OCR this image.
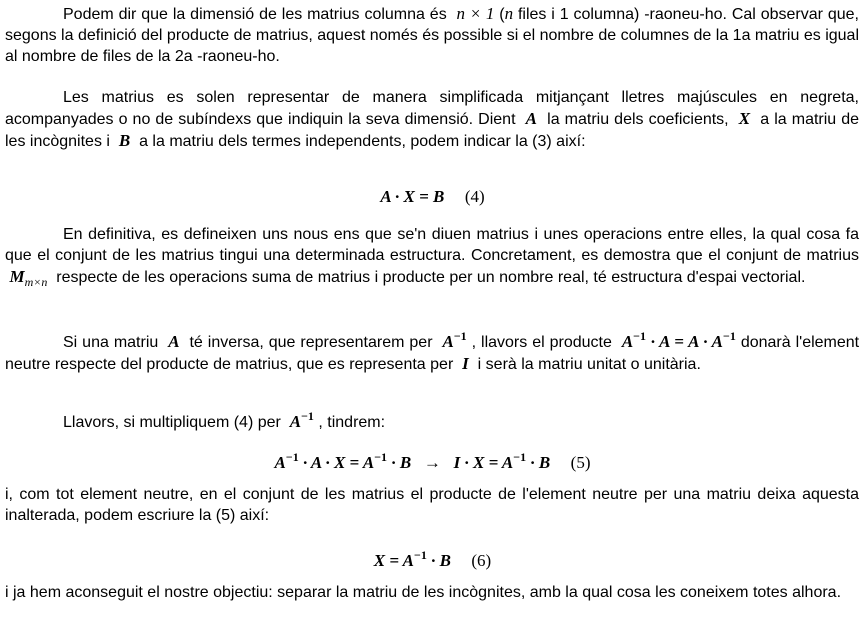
Podem dir que la dimensió de les matrius columna és n × 1 (n files i 1 columna) -raoneu-ho. Cal observar que, segons la definició del producte de matrius, aquest només és possible si el nombre de columnes de la 1a matriu es igual al nombre de files de la 2a -raoneu-ho.

Les matrius es solen representar de manera simplificada mitjançant lletres majúscules en negreta, acompanyades o no de subíndexs que indiquin la seva dimensió. Dient A la matriu dels coeficients, X a la matriu de les incògnites i B a la matriu dels termes independents, podem indicar la (3) així:

A · X = B (4)

En definitiva, es defineixen uns nous ens que se'n diuen matrius i unes operacions entre elles, la qual cosa fa que el conjunt de les matrius tingui una determinada estructura. Concretament, es demostra que el conjunt de matrius  $M_{m\times n}$ respecte de les operacions suma de matrius i producte per un nombre real, té estructura d'espai vectorial.

Si una matriu A té inversa, que representarem per $A^{-1}$ , llavors el producte $A^{-1} \cdot A = A \cdot A^{-1}$ donarà l'element neutre respecte del producte de matrius, que es representa per I i serà la matriu unitat o unitària.

Llavors, si multipliquem (4) per $A^{-1}$ , tindrem:

$A^{-1} \cdot A \cdot X = A^{-1} \cdot B \to I \cdot X = A^{-1} \cdot B$ (5)

i, com tot element neutre, en el conjunt de les matrius el producte de l'element neutre per una matriu deixa aquesta inalterada, podem escriure la (5) així:

$X = A^{-1} \cdot B$ (6)

i ja hem aconseguit el nostre objectiu: separar la matriu de les incògnites, amb la qual cosa les coneixem totes alhora.
